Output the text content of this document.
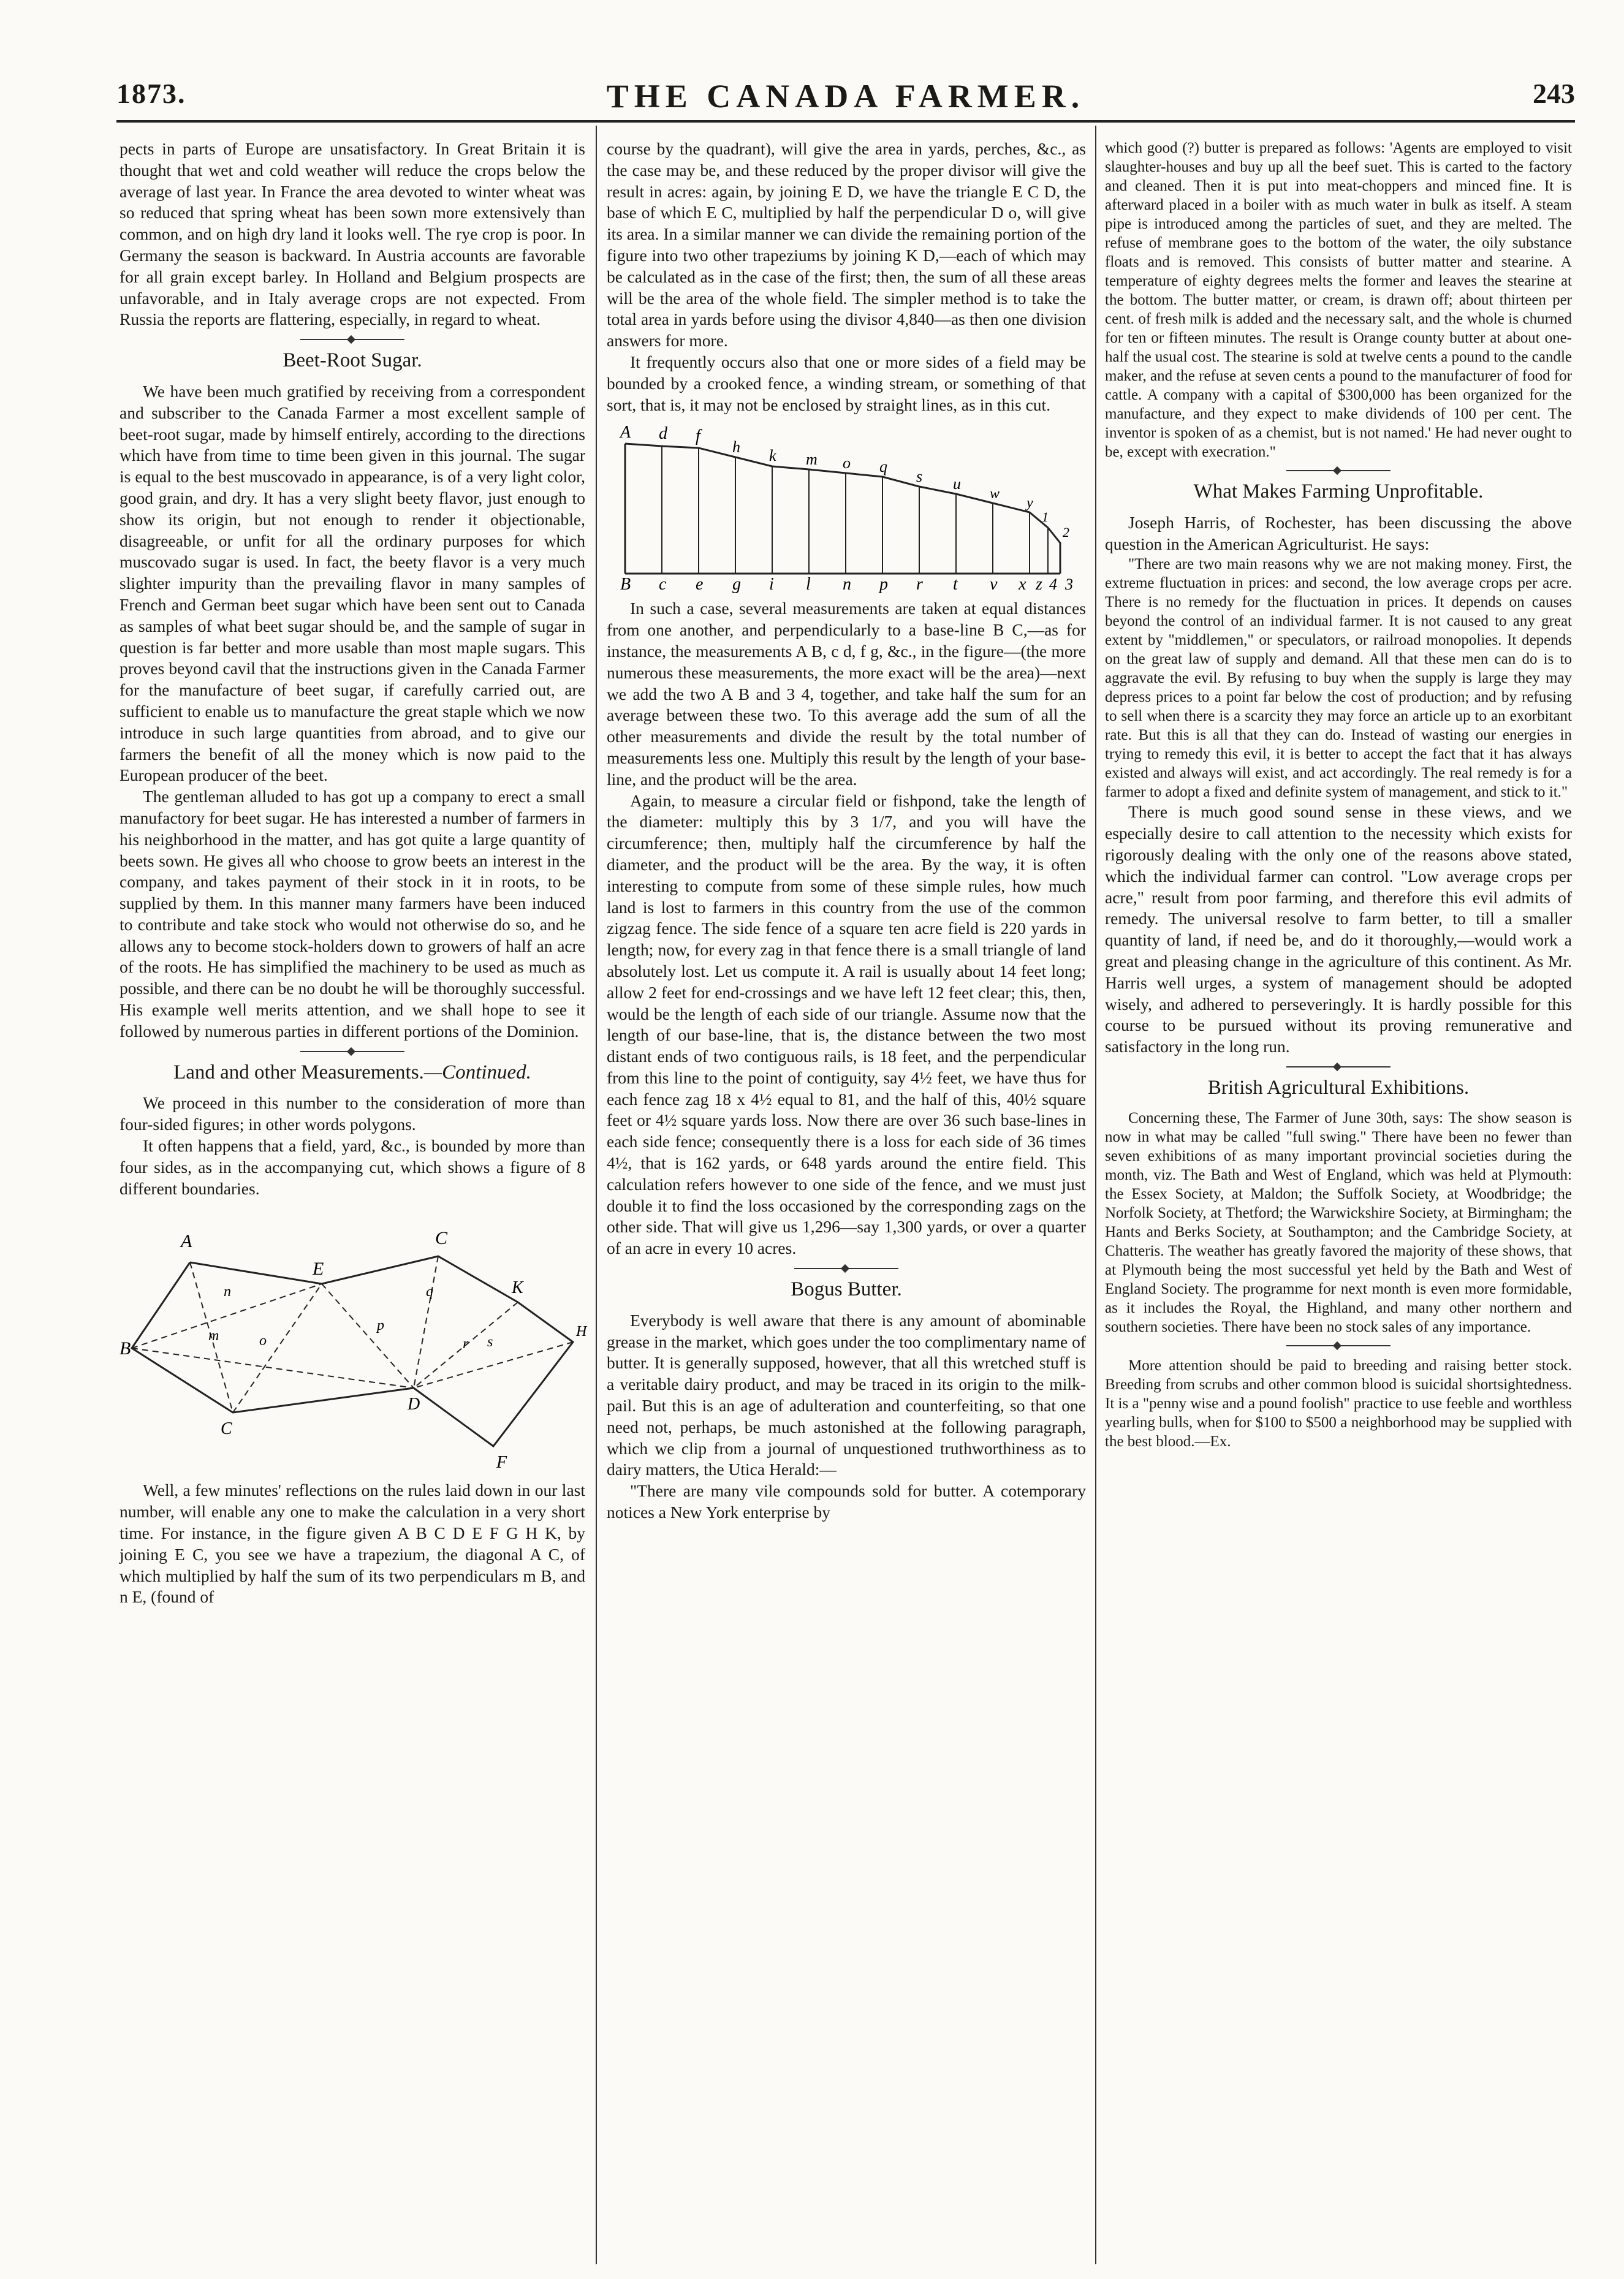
1873.	THE CANADA FARMER.	243

pects in parts of Europe are unsatisfactory. In Great Britain it is thought that wet and cold weather will reduce the crops below the average of last year. In France the area devoted to winter wheat was so reduced that spring wheat has been sown more extensively than common, and on high dry land it looks well. The rye crop is poor. In Germany the season is backward. In Austria accounts are favorable for all grain except barley. In Holland and Belgium prospects are unfavorable, and in Italy average crops are not expected. From Russia the reports are flattering, especially, in regard to wheat.

Beet-Root Sugar.

We have been much gratified by receiving from a correspondent and subscriber to the Canada Farmer a most excellent sample of beet-root sugar, made by himself entirely, according to the directions which have from time to time been given in this journal. The sugar is equal to the best muscovado in appearance, is of a very light color, good grain, and dry. It has a very slight beety flavor, just enough to show its origin, but not enough to render it objectionable, disagreeable, or unfit for all the ordinary purposes for which muscovado sugar is used. In fact, the beety flavor is a very much slighter impurity than the prevailing flavor in many samples of French and German beet sugar which have been sent out to Canada as samples of what beet sugar should be, and the sample of sugar in question is far better and more usable than most maple sugars. This proves beyond cavil that the instructions given in the Canada Farmer for the manufacture of beet sugar, if carefully carried out, are sufficient to enable us to manufacture the great staple which we now introduce in such large quantities from abroad, and to give our farmers the benefit of all the money which is now paid to the European producer of the beet.

The gentleman alluded to has got up a company to erect a small manufactory for beet sugar. He has interested a number of farmers in his neighborhood in the matter, and has got quite a large quantity of beets sown. He gives all who choose to grow beets an interest in the company, and takes payment of their stock in it in roots, to be supplied by them. In this manner many farmers have been induced to contribute and take stock who would not otherwise do so, and he allows any to become stock-holders down to growers of half an acre of the roots. He has simplified the machinery to be used as much as possible, and there can be no doubt he will be thoroughly successful. His example well merits attention, and we shall hope to see it followed by numerous parties in different portions of the Dominion.

Land and other Measurements.—Continued.

We proceed in this number to the consideration of more than four-sided figures; in other words polygons.

It often happens that a field, yard, &c., is bounded by more than four sides, as in the accompanying cut, which shows a figure of 8 different boundaries.

A	C
E
K
B
H
C
D
F
n
m	o
q
p
r s

Well, a few minutes' reflections on the rules laid down in our last number, will enable any one to make the calculation in a very short time. For instance, in the figure given A B C D E F G H K, by joining E C, you see we have a trapezium, the diagonal A C, of which multiplied by half the sum of its two perpendiculars m B, and n E, (found of

course by the quadrant), will give the area in yards, perches, &c., as the case may be, and these reduced by the proper divisor will give the result in acres: again, by joining E D, we have the triangle E C D, the base of which E C, multiplied by half the perpendicular D o, will give its area. In a similar manner we can divide the remaining portion of the figure into two other trapeziums by joining K D,—each of which may be calculated as in the case of the first; then, the sum of all these areas will be the area of the whole field. The simpler method is to take the total area in yards before using the divisor 4,840—as then one division answers for more.

It frequently occurs also that one or more sides of a field may be bounded by a crooked fence, a winding stream, or something of that sort, that is, it may not be enclosed by straight lines, as in this cut.

A d f
h k m o q
s u
w
y
1
2
B c e g i l n p r t v x z 4 3

In such a case, several measurements are taken at equal distances from one another, and perpendicularly to a base-line B C,—as for instance, the measurements A B, c d, f g, &c., in the figure—(the more numerous these measurements, the more exact will be the area)—next we add the two A B and 3 4, together, and take half the sum for an average between these two. To this average add the sum of all the other measurements and divide the result by the total number of measurements less one. Multiply this result by the length of your base-line, and the product will be the area.

Again, to measure a circular field or fishpond, take the length of the diameter: multiply this by 3 1/7, and you will have the circumference; then, multiply half the circumference by half the diameter, and the product will be the area. By the way, it is often interesting to compute from some of these simple rules, how much land is lost to farmers in this country from the use of the common zigzag fence. The side fence of a square ten acre field is 220 yards in length; now, for every zag in that fence there is a small triangle of land absolutely lost. Let us compute it. A rail is usually about 14 feet long; allow 2 feet for end-crossings and we have left 12 feet clear; this, then, would be the length of each side of our triangle. Assume now that the length of our base-line, that is, the distance between the two most distant ends of two contiguous rails, is 18 feet, and the perpendicular from this line to the point of contiguity, say 4½ feet, we have thus for each fence zag 18 x 4½ equal to 81, and the half of this, 40½ square feet or 4½ square yards loss. Now there are over 36 such base-lines in each side fence; consequently there is a loss for each side of 36 times 4½, that is 162 yards, or 648 yards around the entire field. This calculation refers however to one side of the fence, and we must just double it to find the loss occasioned by the corresponding zags on the other side. That will give us 1,296—say 1,300 yards, or over a quarter of an acre in every 10 acres.

Bogus Butter.

Everybody is well aware that there is any amount of abominable grease in the market, which goes under the too complimentary name of butter. It is generally supposed, however, that all this wretched stuff is a veritable dairy product, and may be traced in its origin to the milk-pail. But this is an age of adulteration and counterfeiting, so that one need not, perhaps, be much astonished at the following paragraph, which we clip from a journal of unquestioned truthworthiness as to dairy matters, the Utica Herald:—

"There are many vile compounds sold for butter. A cotemporary notices a New York enterprise by

which good (?) butter is prepared as follows: 'Agents are employed to visit slaughter-houses and buy up all the beef suet. This is carted to the factory and cleaned. Then it is put into meat-choppers and minced fine. It is afterward placed in a boiler with as much water in bulk as itself. A steam pipe is introduced among the particles of suet, and they are melted. The refuse of membrane goes to the bottom of the water, the oily substance floats and is removed. This consists of butter matter and stearine. A temperature of eighty degrees melts the former and leaves the stearine at the bottom. The butter matter, or cream, is drawn off; about thirteen per cent. of fresh milk is added and the necessary salt, and the whole is churned for ten or fifteen minutes. The result is Orange county butter at about one-half the usual cost. The stearine is sold at twelve cents a pound to the candle maker, and the refuse at seven cents a pound to the manufacturer of food for cattle. A company with a capital of $300,000 has been organized for the manufacture, and they expect to make dividends of 100 per cent. The inventor is spoken of as a chemist, but is not named.' He had never ought to be, except with execration."

What Makes Farming Unprofitable.

Joseph Harris, of Rochester, has been discussing the above question in the American Agriculturist. He says:

"There are two main reasons why we are not making money. First, the extreme fluctuation in prices: and second, the low average crops per acre. There is no remedy for the fluctuation in prices. It depends on causes beyond the control of an individual farmer. It is not caused to any great extent by "middlemen," or speculators, or railroad monopolies. It depends on the great law of supply and demand. All that these men can do is to aggravate the evil. By refusing to buy when the supply is large they may depress prices to a point far below the cost of production; and by refusing to sell when there is a scarcity they may force an article up to an exorbitant rate. But this is all that they can do. Instead of wasting our energies in trying to remedy this evil, it is better to accept the fact that it has always existed and always will exist, and act accordingly. The real remedy is for a farmer to adopt a fixed and definite system of management, and stick to it."

There is much good sound sense in these views, and we especially desire to call attention to the necessity which exists for rigorously dealing with the only one of the reasons above stated, which the individual farmer can control. "Low average crops per acre," result from poor farming, and therefore this evil admits of remedy. The universal resolve to farm better, to till a smaller quantity of land, if need be, and do it thoroughly,—would work a great and pleasing change in the agriculture of this continent. As Mr. Harris well urges, a system of management should be adopted wisely, and adhered to perseveringly. It is hardly possible for this course to be pursued without its proving remunerative and satisfactory in the long run.

British Agricultural Exhibitions.

Concerning these, The Farmer of June 30th, says: The show season is now in what may be called "full swing." There have been no fewer than seven exhibitions of as many important provincial societies during the month, viz. The Bath and West of England, which was held at Plymouth: the Essex Society, at Maldon; the Suffolk Society, at Woodbridge; the Norfolk Society, at Thetford; the Warwickshire Society, at Birmingham; the Hants and Berks Society, at Southampton; and the Cambridge Society, at Chatteris. The weather has greatly favored the majority of these shows, that at Plymouth being the most successful yet held by the Bath and West of England Society. The programme for next month is even more formidable, as it includes the Royal, the Highland, and many other northern and southern societies. There have been no stock sales of any importance.

More attention should be paid to breeding and raising better stock. Breeding from scrubs and other common blood is suicidal shortsightedness. It is a "penny wise and a pound foolish" practice to use feeble and worthless yearling bulls, when for $100 to $500 a neighborhood may be supplied with the best blood.—Ex.
